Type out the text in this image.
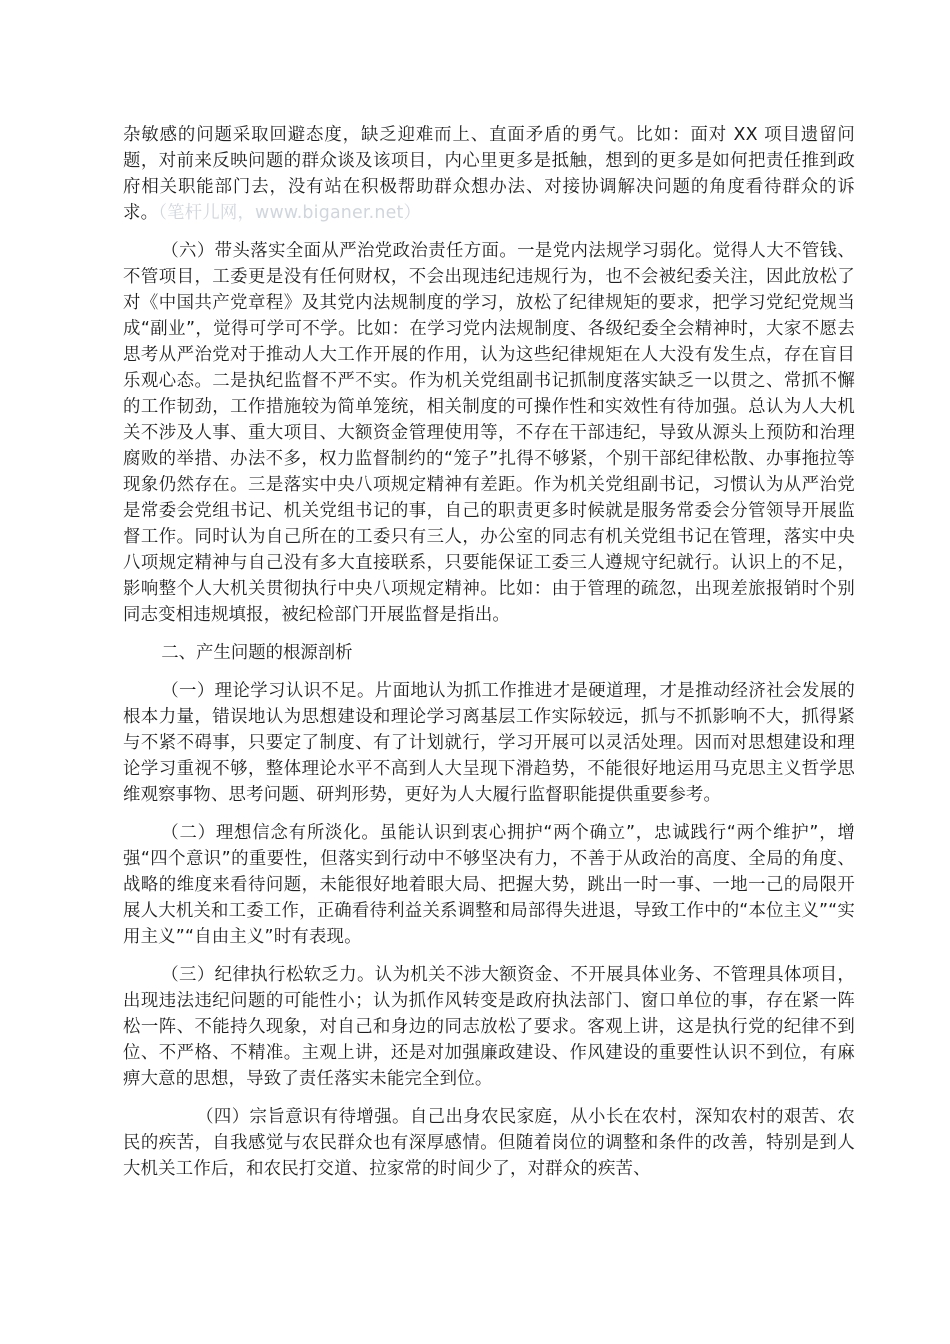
杂敏感的问题采取回避态度，缺乏迎难而上、直面矛盾的勇气。比如：面对 XX 项目遗留问题，对前来反映问题的群众谈及该项目，内心里更多是抵触，想到的更多是如何把责任推到政府相关职能部门去，没有站在积极帮助群众想办法、对接协调解决问题的角度看待群众的诉求。（笔杆儿网，www.biganer.net）

（六）带头落实全面从严治党政治责任方面。一是党内法规学习弱化。觉得人大不管钱、不管项目，工委更是没有任何财权，不会出现违纪违规行为，也不会被纪委关注，因此放松了对《中国共产党章程》及其党内法规制度的学习，放松了纪律规矩的要求，把学习党纪党规当成“副业”，觉得可学可不学。比如：在学习党内法规制度、各级纪委全会精神时，大家不愿去思考从严治党对于推动人大工作开展的作用，认为这些纪律规矩在人大没有发生点，存在盲目乐观心态。二是执纪监督不严不实。作为机关党组副书记抓制度落实缺乏一以贯之、常抓不懈的工作韧劲，工作措施较为简单笼统，相关制度的可操作性和实效性有待加强。总认为人大机关不涉及人事、重大项目、大额资金管理使用等，不存在干部违纪，导致从源头上预防和治理腐败的举措、办法不多，权力监督制约的“笼子”扎得不够紧，个别干部纪律松散、办事拖拉等现象仍然存在。三是落实中央八项规定精神有差距。作为机关党组副书记，习惯认为从严治党是常委会党组书记、机关党组书记的事，自己的职责更多时候就是服务常委会分管领导开展监督工作。同时认为自己所在的工委只有三人，办公室的同志有机关党组书记在管理，落实中央八项规定精神与自己没有多大直接联系，只要能保证工委三人遵规守纪就行。认识上的不足，影响整个人大机关贯彻执行中央八项规定精神。比如：由于管理的疏忽，出现差旅报销时个别同志变相违规填报，被纪检部门开展监督是指出。

二、产生问题的根源剖析

（一）理论学习认识不足。片面地认为抓工作推进才是硬道理，才是推动经济社会发展的根本力量，错误地认为思想建设和理论学习离基层工作实际较远，抓与不抓影响不大，抓得紧与不紧不碍事，只要定了制度、有了计划就行，学习开展可以灵活处理。因而对思想建设和理论学习重视不够，整体理论水平不高到人大呈现下滑趋势，不能很好地运用马克思主义哲学思维观察事物、思考问题、研判形势，更好为人大履行监督职能提供重要参考。

（二）理想信念有所淡化。虽能认识到衷心拥护“两个确立”，忠诚践行“两个维护”，增强“四个意识”的重要性，但落实到行动中不够坚决有力，不善于从政治的高度、全局的角度、战略的维度来看待问题，未能很好地着眼大局、把握大势，跳出一时一事、一地一己的局限开展人大机关和工委工作，正确看待利益关系调整和局部得失进退，导致工作中的“本位主义”“实用主义”“自由主义”时有表现。

（三）纪律执行松软乏力。认为机关不涉大额资金、不开展具体业务、不管理具体项目，出现违法违纪问题的可能性小；认为抓作风转变是政府执法部门、窗口单位的事，存在紧一阵松一阵、不能持久现象，对自己和身边的同志放松了要求。客观上讲，这是执行党的纪律不到位、不严格、不精准。主观上讲，还是对加强廉政建设、作风建设的重要性认识不到位，有麻痹大意的思想，导致了责任落实未能完全到位。

（四）宗旨意识有待增强。自己出身农民家庭，从小长在农村，深知农村的艰苦、农民的疾苦，自我感觉与农民群众也有深厚感情。但随着岗位的调整和条件的改善，特别是到人大机关工作后，和农民打交道、拉家常的时间少了，对群众的疾苦、
